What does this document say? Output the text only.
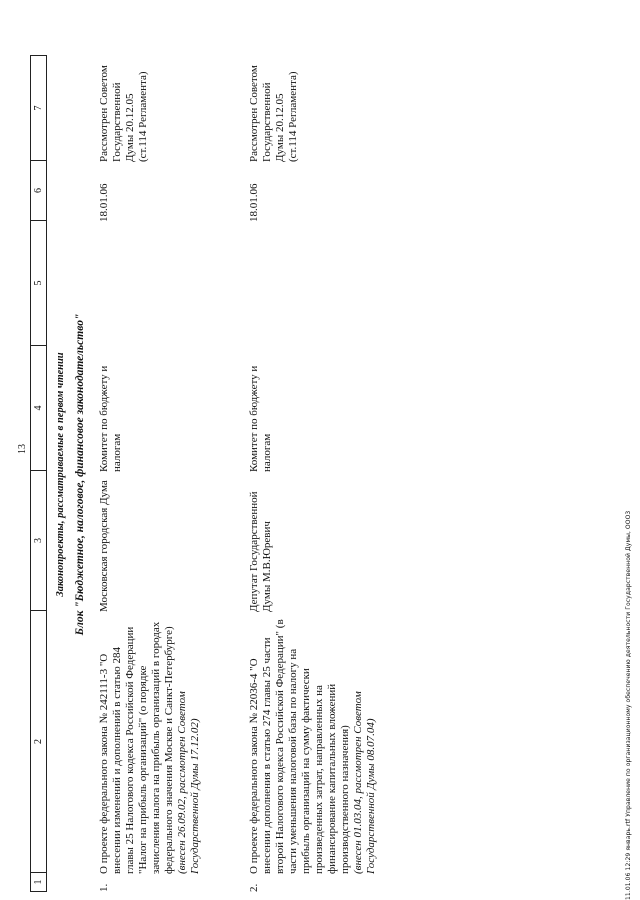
13
1
2
3
4
5
6
7
Законопроекты, рассматриваемые в первом чтении Блок "Бюджетное, налоговое, финансовое законодательство"
1.

О проекте федерального закона № 242111-3 "О внесении изменений и дополнений в статью 284 главы 25 Налогового кодекса Российской Федерации "Налог на прибыль организаций" (о порядке зачисления налога на прибыль организаций в городах федерального значения Москве и Санкт-Петербурге) (внесен 26.09.02, рассмотрен Советом Государственной Думы 17.12.02)

Московская городская Дума
Комитет по бюджету и налогам
18.01.06
Рассмотрен Советом Государственной Думы 20.12.05 (ст.114 Регламента)
2.

О проекте федерального закона № 22036-4 "О внесении дополнения в статью 274 главы 25 части второй Налогового кодекса Российской Федерации" (в части уменьшения налоговой базы по налогу на прибыль организаций на сумму фактически произведенных затрат, направленных на финансирование капитальных вложений производственного назначения) (внесен 01.03.04, рассмотрен Советом Государственной Думы 08.07.04)

Депутат Государственной Думы М.В.Юревич
Комитет по бюджету и налогам
18.01.06
Рассмотрен Советом Государственной Думы 20.12.05 (ст.114 Регламента)
11.01.06 12:29 январь.rtf Управление по организационному обеспечению деятельности Государственной Думы, ООО3
